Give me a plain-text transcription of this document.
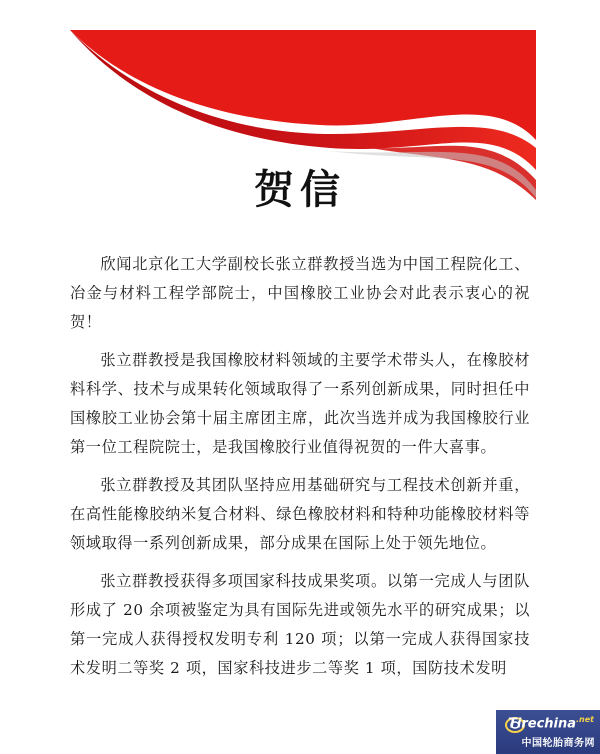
贺信

欣闻北京化工大学副校长张立群教授当选为中国工程院化工、冶金与材料工程学部院士，中国橡胶工业协会对此表示衷心的祝贺！

张立群教授是我国橡胶材料领域的主要学术带头人，在橡胶材料科学、技术与成果转化领域取得了一系列创新成果，同时担任中国橡胶工业协会第十届主席团主席，此次当选并成为我国橡胶行业第一位工程院院士，是我国橡胶行业值得祝贺的一件大喜事。

张立群教授及其团队坚持应用基础研究与工程技术创新并重，在高性能橡胶纳米复合材料、绿色橡胶材料和特种功能橡胶材料等领域取得一系列创新成果，部分成果在国际上处于领先地位。

张立群教授获得多项国家科技成果奖项。以第一完成人与团队形成了 20 余项被鉴定为具有国际先进或领先水平的研究成果；以第一完成人获得授权发明专利 120 项；以第一完成人获得国家技术发明二等奖 2 项，国家科技进步二等奖 1 项，国防技术发明

Tirechina$^{.net}$
中国轮胎商务网
